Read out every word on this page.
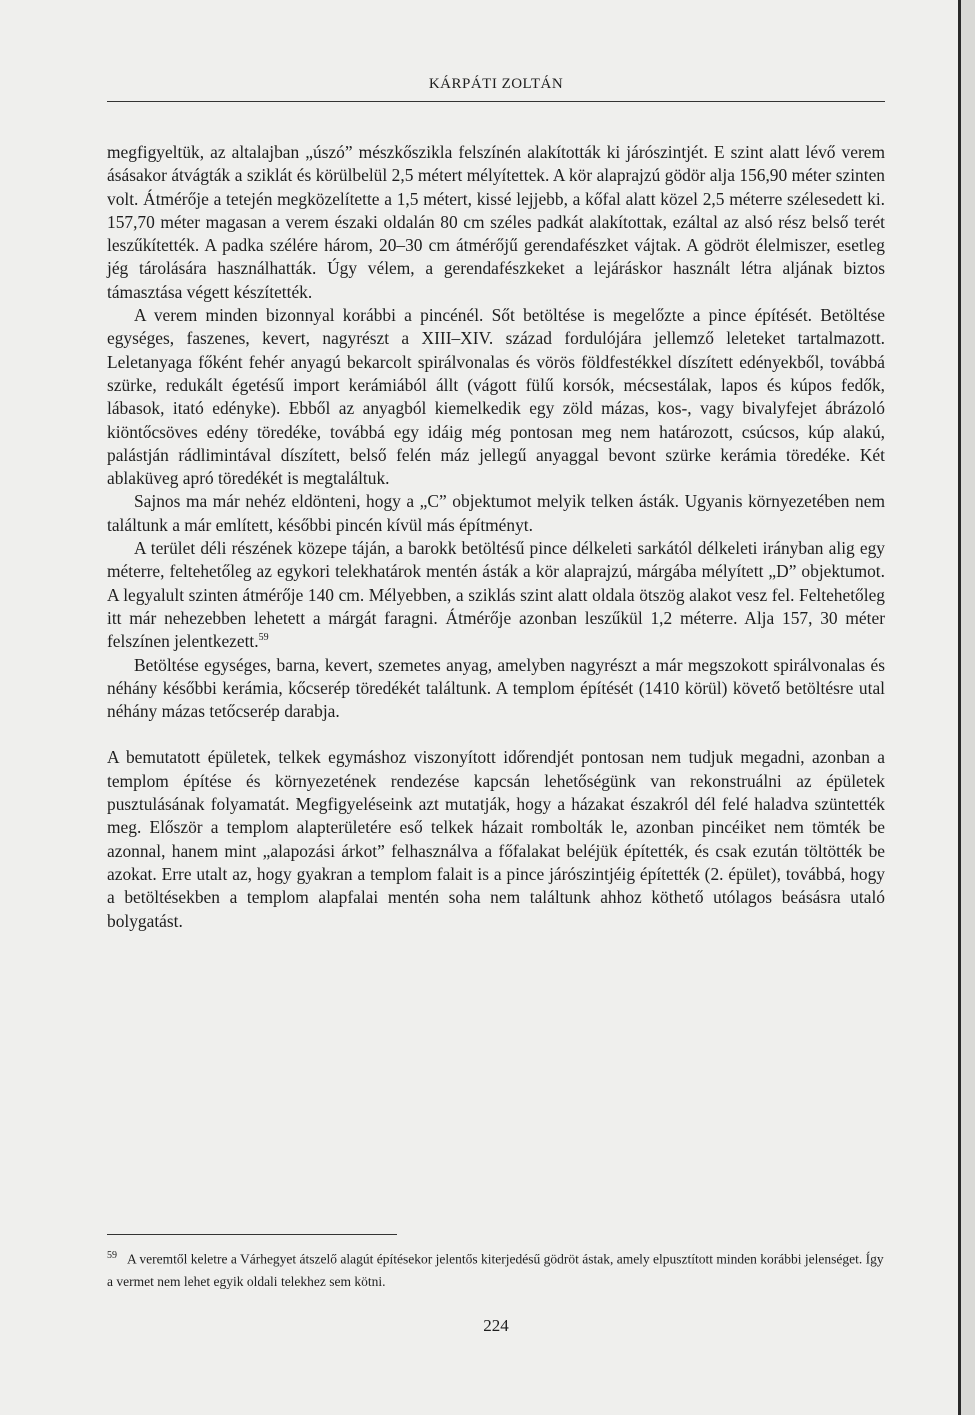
KÁRPÁTI ZOLTÁN

megfigyeltük, az altalajban „úszó” mészkőszikla felszínén alakították ki járószintjét. E szint alatt lévő verem ásásakor átvágták a sziklát és körülbelül 2,5 métert mélyítettek. A kör alaprajzú gödör alja 156,90 méter szinten volt. Átmérője a tetején megközelítette a 1,5 métert, kissé lejjebb, a kőfal alatt közel 2,5 méterre szélesedett ki. 157,70 méter magasan a verem északi oldalán 80 cm széles padkát alakítottak, ezáltal az alsó rész belső terét leszűkítették. A padka szélére három, 20–30 cm átmérőjű gerendafészket vájtak. A gödröt élelmiszer, esetleg jég tárolására használhatták. Úgy vélem, a gerendafészkeket a lejáráskor használt létra aljának biztos támasztása végett készítették.

A verem minden bizonnyal korábbi a pincénél. Sőt betöltése is megelőzte a pince építését. Betöltése egységes, faszenes, kevert, nagyrészt a XIII–XIV. század fordulójára jellemző leleteket tartalmazott. Leletanyaga főként fehér anyagú bekarcolt spirálvonalas és vörös földfestékkel díszített edényekből, továbbá szürke, redukált égetésű import kerámiából állt (vágott fülű korsók, mécsestálak, lapos és kúpos fedők, lábasok, itató edényke). Ebből az anyagból kiemelkedik egy zöld mázas, kos-, vagy bivalyfejet ábrázoló kiöntőcsöves edény töredéke, továbbá egy idáig még pontosan meg nem határozott, csúcsos, kúp alakú, palástján rádlimintával díszített, belső felén máz jellegű anyaggal bevont szürke kerámia töredéke. Két ablaküveg apró töredékét is megtaláltuk.

Sajnos ma már nehéz eldönteni, hogy a „C” objektumot melyik telken ásták. Ugyanis környezetében nem találtunk a már említett, későbbi pincén kívül más építményt.

A terület déli részének közepe táján, a barokk betöltésű pince délkeleti sarkától délkeleti irányban alig egy méterre, feltehetőleg az egykori telekhatárok mentén ásták a kör alaprajzú, márgába mélyített „D” objektumot. A legyalult szinten átmérője 140 cm. Mélyebben, a sziklás szint alatt oldala ötszög alakot vesz fel. Feltehetőleg itt már nehezebben lehetett a márgát faragni. Átmérője azonban leszűkül 1,2 méterre. Alja 157, 30 méter felszínen jelentkezett.$^{59}$

Betöltése egységes, barna, kevert, szemetes anyag, amelyben nagyrészt a már megszokott spirálvonalas és néhány későbbi kerámia, kőcserép töredékét találtunk. A templom építését (1410 körül) követő betöltésre utal néhány mázas tetőcserép darabja.

A bemutatott épületek, telkek egymáshoz viszonyított időrendjét pontosan nem tudjuk megadni, azonban a templom építése és környezetének rendezése kapcsán lehetőségünk van rekonstruálni az épületek pusztulásának folyamatát. Megfigyeléseink azt mutatják, hogy a házakat északról dél felé haladva szüntették meg. Először a templom alapterületére eső telkek házait rombolták le, azonban pincéiket nem tömték be azonnal, hanem mint „alapozási árkot” felhasználva a főfalakat beléjük építették, és csak ezután töltötték be azokat. Erre utalt az, hogy gyakran a templom falait is a pince járószintjéig építették (2. épület), továbbá, hogy a betöltésekben a templom alapfalai mentén soha nem találtunk ahhoz köthető utólagos beásásra utaló bolygatást.

$^{59}$ A veremtől keletre a Várhegyet átszelő alagút építésekor jelentős kiterjedésű gödröt ástak, amely elpusztított minden korábbi jelenséget. Így a vermet nem lehet egyik oldali telekhez sem kötni.
224
